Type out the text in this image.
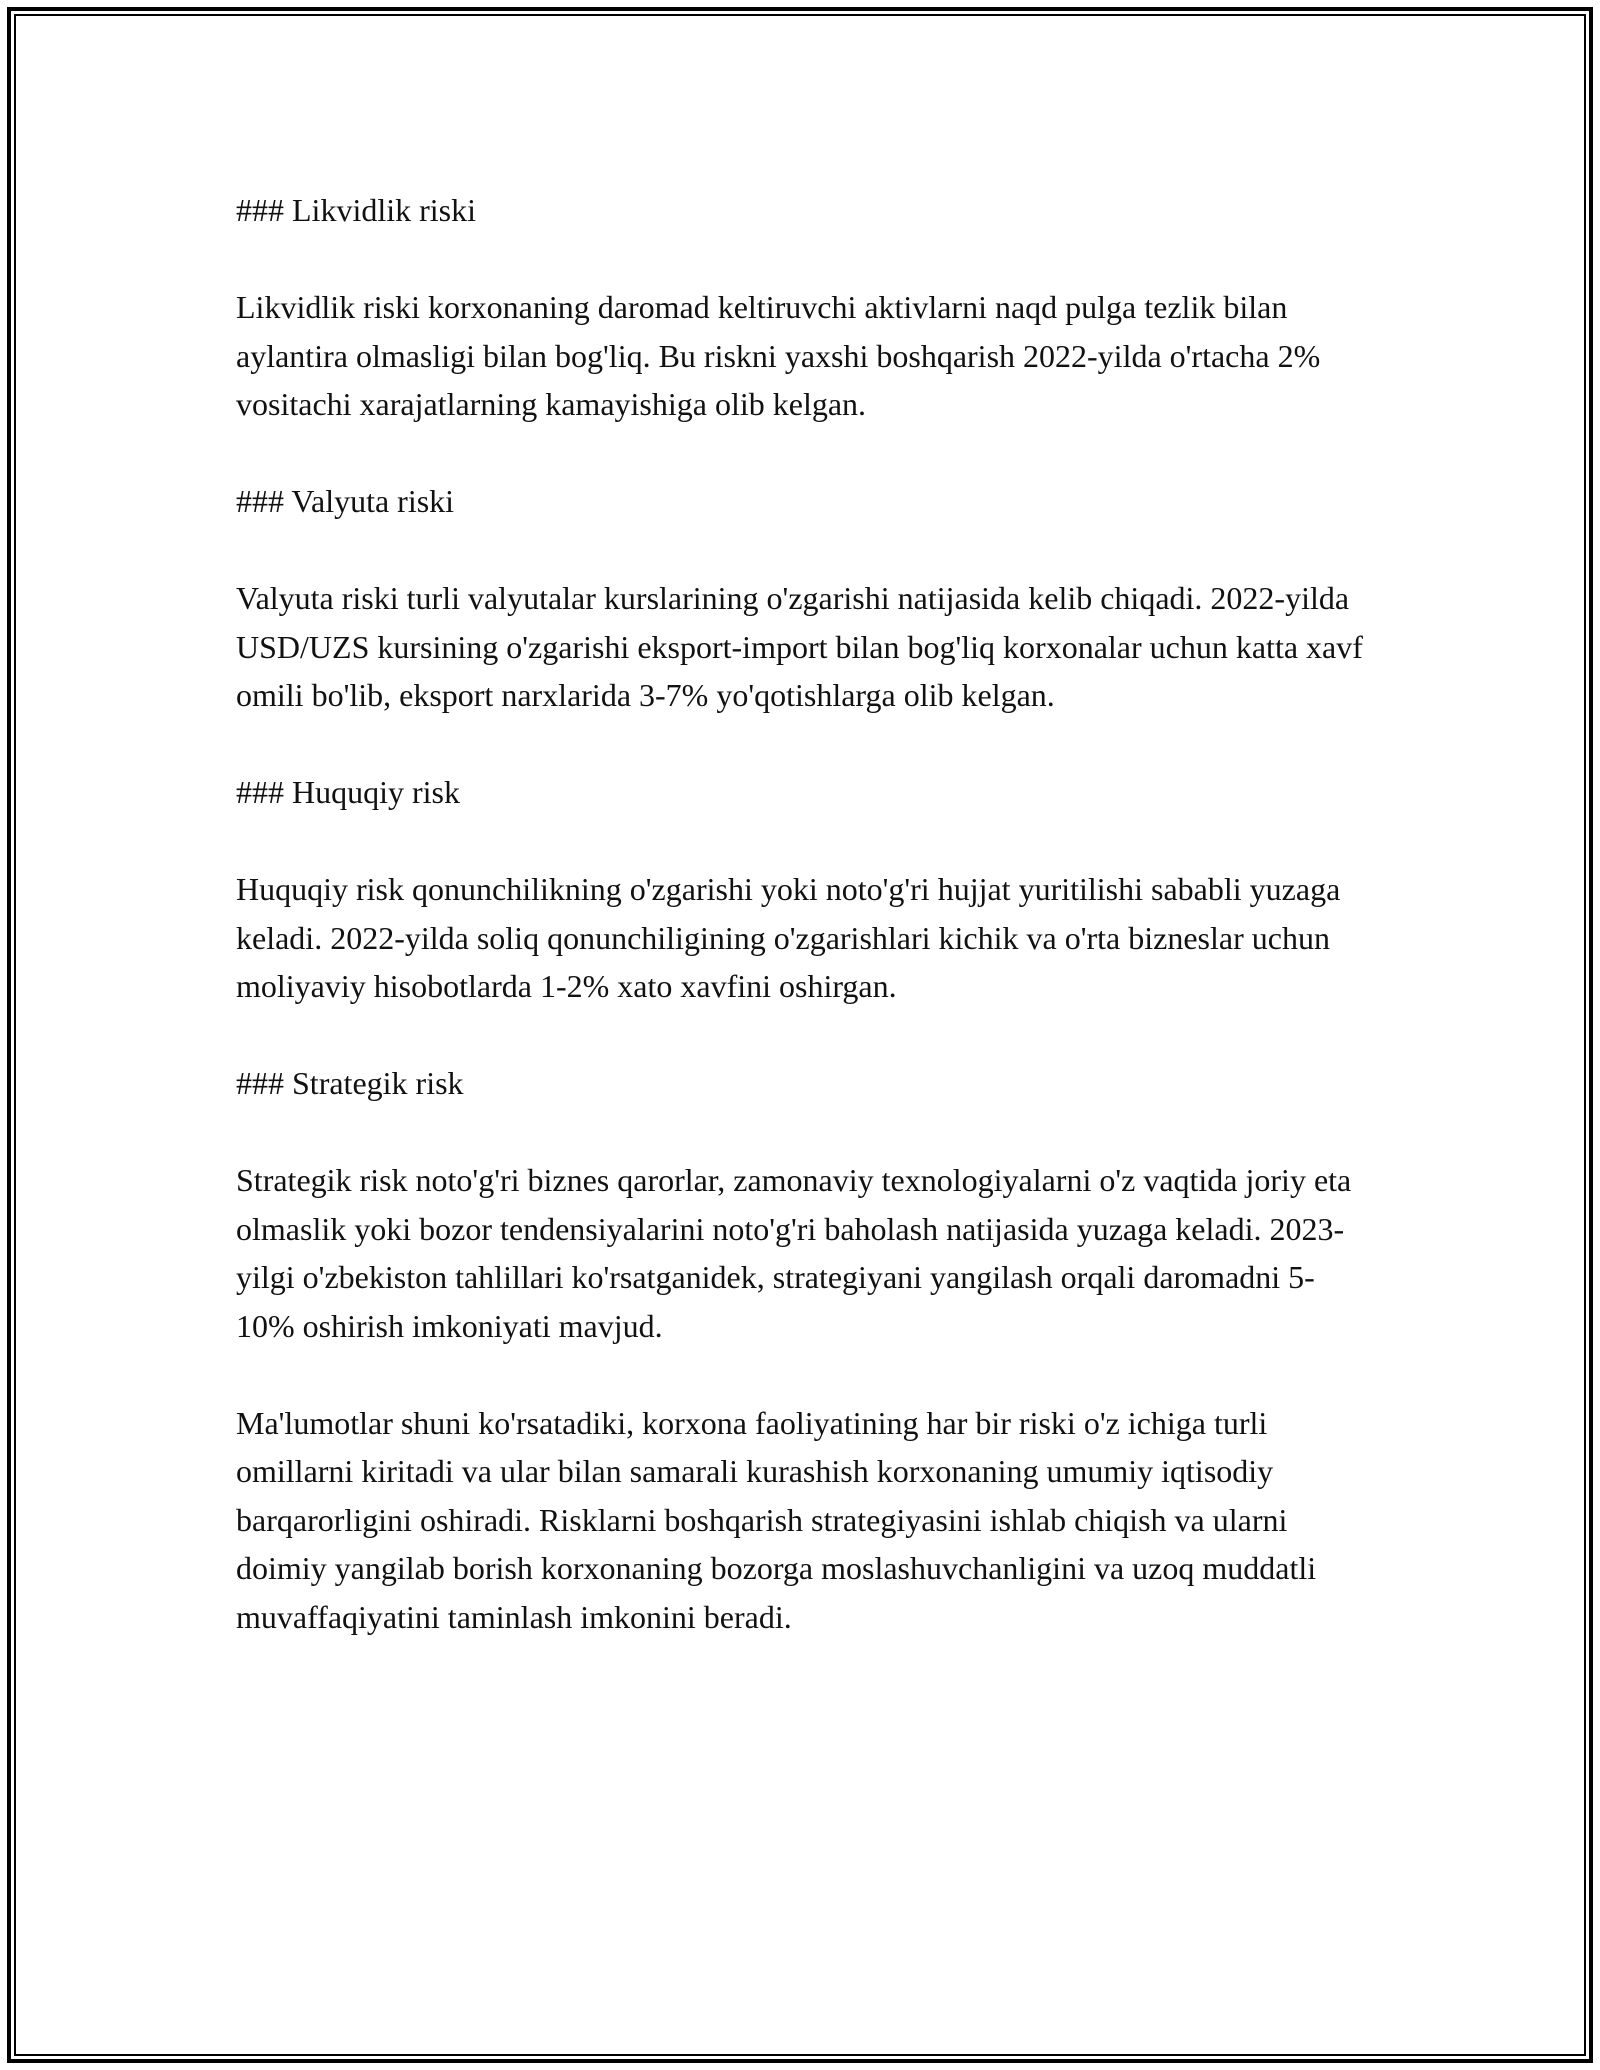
### Likvidlik riski

Likvidlik riski korxonaning daromad keltiruvchi aktivlarni naqd pulga tezlik bilan aylantira olmasligi bilan bog'liq. Bu riskni yaxshi boshqarish 2022-yilda o'rtacha 2% vositachi xarajatlarning kamayishiga olib kelgan.

### Valyuta riski

Valyuta riski turli valyutalar kurslarining o'zgarishi natijasida kelib chiqadi. 2022-yilda USD/UZS kursining o'zgarishi eksport-import bilan bog'liq korxonalar uchun katta xavf omili bo'lib, eksport narxlarida 3-7% yo'qotishlarga olib kelgan.

### Huquqiy risk

Huquqiy risk qonunchilikning o'zgarishi yoki noto'g'ri hujjat yuritilishi sababli yuzaga keladi. 2022-yilda soliq qonunchiligining o'zgarishlari kichik va o'rta bizneslar uchun moliyaviy hisobotlarda 1-2% xato xavfini oshirgan.

### Strategik risk

Strategik risk noto'g'ri biznes qarorlar, zamonaviy texnologiyalarni o'z vaqtida joriy eta olmaslik yoki bozor tendensiyalarini noto'g'ri baholash natijasida yuzaga keladi. 2023-yilgi o'zbekiston tahlillari ko'rsatganidek, strategiyani yangilash orqali daromadni 5-10% oshirish imkoniyati mavjud.

Ma'lumotlar shuni ko'rsatadiki, korxona faoliyatining har bir riski o'z ichiga turli omillarni kiritadi va ular bilan samarali kurashish korxonaning umumiy iqtisodiy barqarorligini oshiradi. Risklarni boshqarish strategiyasini ishlab chiqish va ularni doimiy yangilab borish korxonaning bozorga moslashuvchanligini va uzoq muddatli muvaffaqiyatini taminlash imkonini beradi.
